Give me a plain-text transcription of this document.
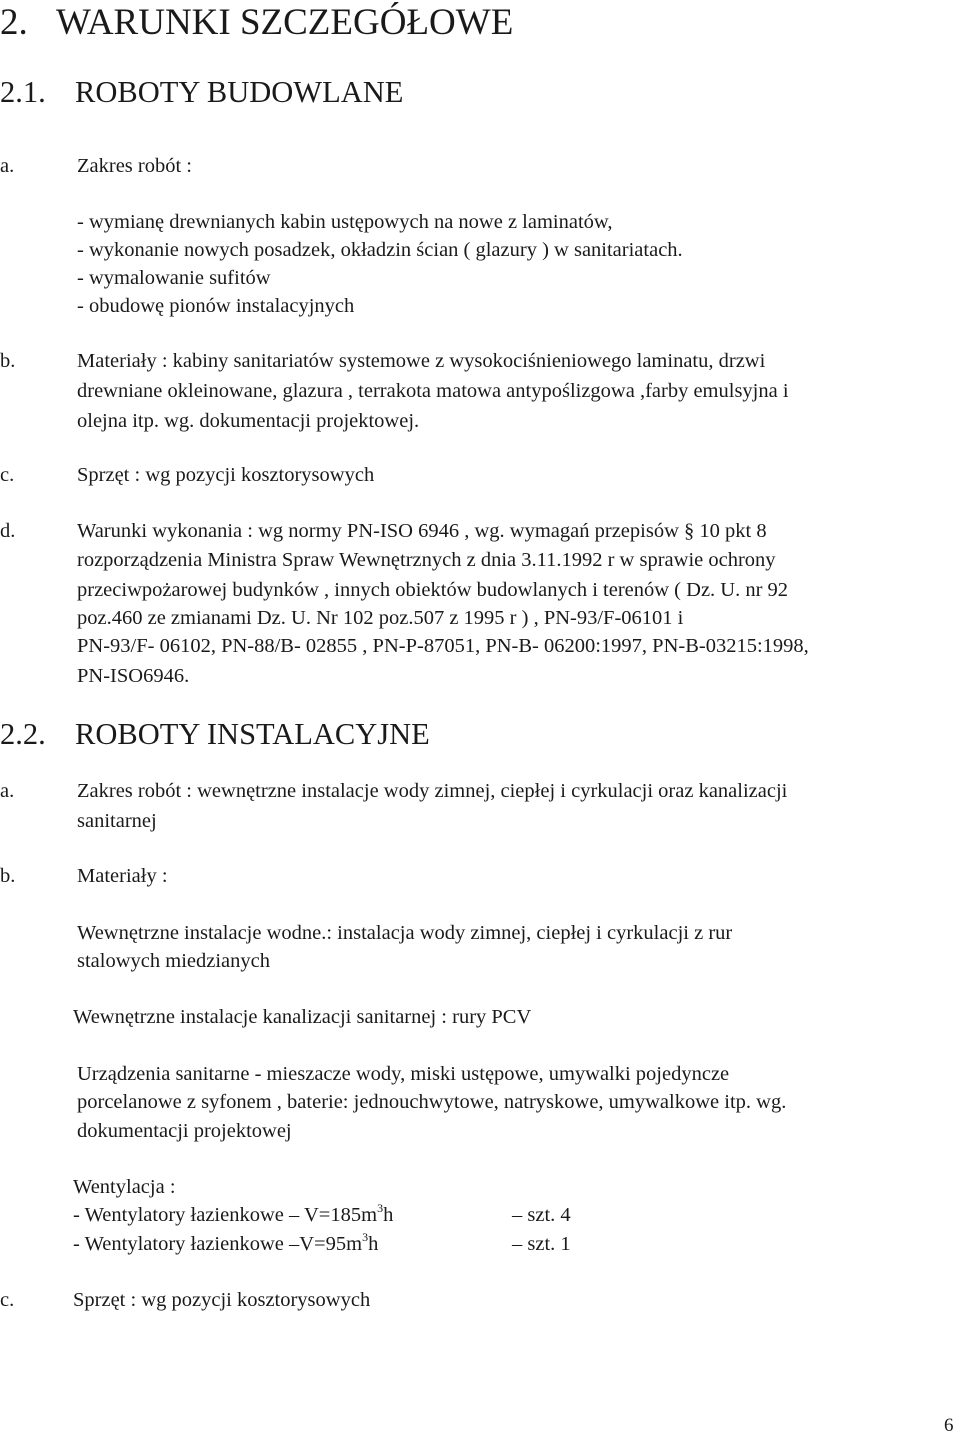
2. WARUNKI SZCZEGÓŁOWE
2.1. ROBOTY BUDOWLANE
a.	Zakres robót :
- wymianę drewnianych kabin ustępowych na nowe z laminatów,
- wykonanie nowych posadzek, okładzin ścian ( glazury ) w sanitariatach.
- wymalowanie sufitów
- obudowę pionów instalacyjnych
b.	Materiały : kabiny sanitariatów systemowe z wysokociśnieniowego laminatu, drzwi
drewniane okleinowane, glazura , terrakota matowa antypoślizgowa ,farby emulsyjna i
olejna itp. wg. dokumentacji projektowej.
c.	Sprzęt : wg pozycji kosztorysowych
d.	Warunki wykonania : wg normy PN-ISO 6946 , wg. wymagań przepisów § 10 pkt 8
rozporządzenia Ministra Spraw Wewnętrznych z dnia 3.11.1992 r w sprawie ochrony
przeciwpożarowej budynków , innych obiektów budowlanych i terenów ( Dz. U. nr 92
poz.460 ze zmianami Dz. U. Nr 102 poz.507 z 1995 r ) , PN-93/F-06101 i
PN-93/F- 06102, PN-88/B- 02855 , PN-P-87051, PN-B- 06200:1997, PN-B-03215:1998,
PN-ISO6946.
2.2. ROBOTY INSTALACYJNE
a.	Zakres robót : wewnętrzne instalacje wody zimnej, ciepłej i cyrkulacji oraz kanalizacji
sanitarnej
b.	Materiały :
Wewnętrzne instalacje wodne.: instalacja wody zimnej, ciepłej i cyrkulacji z rur
stalowych miedzianych
Wewnętrzne instalacje kanalizacji sanitarnej : rury PCV
Urządzenia sanitarne - mieszacze wody, miski ustępowe, umywalki pojedyncze
porcelanowe z syfonem , baterie: jednouchwytowe, natryskowe, umywalkowe itp. wg.
dokumentacji projektowej
Wentylacja :
- Wentylatory łazienkowe – $V=185m^3h$	– szt. 4
- Wentylatory łazienkowe $-V=95m^3h$	– szt. 1
c.	Sprzęt : wg pozycji kosztorysowych
6
